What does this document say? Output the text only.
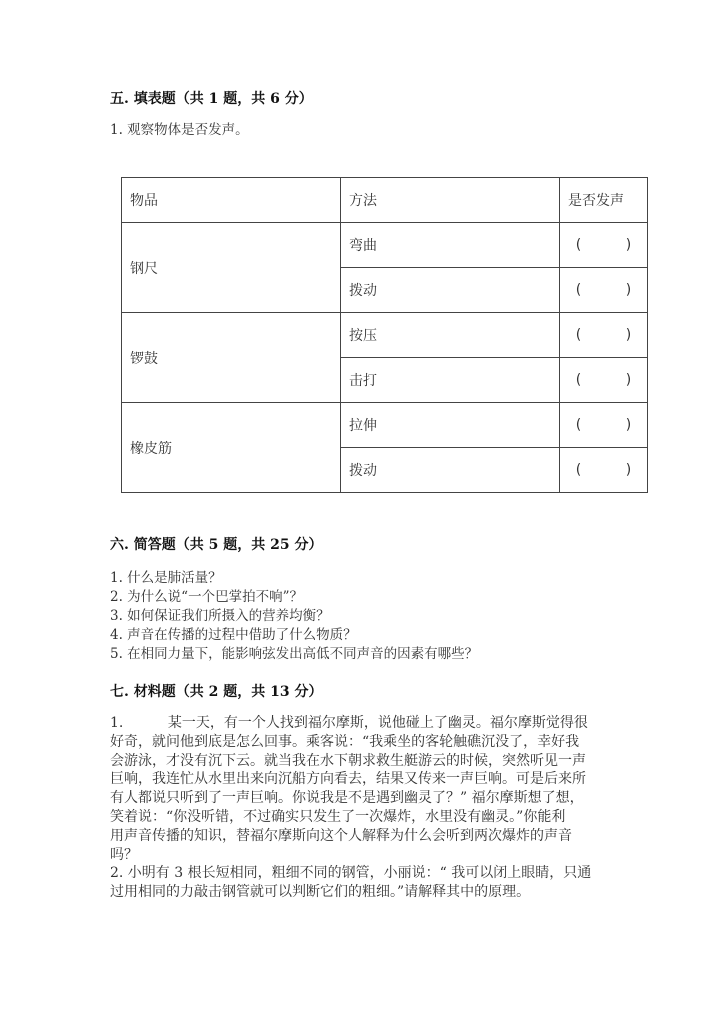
五. 填表题（共 1 题，共 6 分）
1. 观察物体是否发声。
物品	方法	是否发声
钢尺	弯曲	(          )
	拨动	(          )
锣鼓	按压	(          )
	击打	(          )
橡皮筋	拉伸	(          )
	拨动	(          )
六. 简答题（共 5 题，共 25 分）
1. 什么是肺活量？
2. 为什么说“一个巴掌拍不响”？
3. 如何保证我们所摄入的营养均衡？
4. 声音在传播的过程中借助了什么物质？
5. 在相同力量下，能影响弦发出高低不同声音的因素有哪些？
七. 材料题（共 2 题，共 13 分）
1.          某一天，有一个人找到福尔摩斯，说他碰上了幽灵。福尔摩斯觉得很
好奇，就问他到底是怎么回事。乘客说：“我乘坐的客轮触礁沉没了，幸好我
会游泳，才没有沉下云。就当我在水下朝求救生艇游云的时候，突然听见一声
巨响，我连忙从水里出来向沉船方向看去，结果又传来一声巨响。可是后来所
有人都说只听到了一声巨响。你说我是不是遇到幽灵了？” 福尔摩斯想了想，
笑着说：“你没听错，不过确实只发生了一次爆炸，水里没有幽灵。”你能利
用声音传播的知识，替福尔摩斯向这个人解释为什么会听到两次爆炸的声音
吗？
2. 小明有 3 根长短相同，粗细不同的钢管，小丽说：“ 我可以闭上眼睛，只通
过用相同的力敲击钢管就可以判断它们的粗细。”请解释其中的原理。
